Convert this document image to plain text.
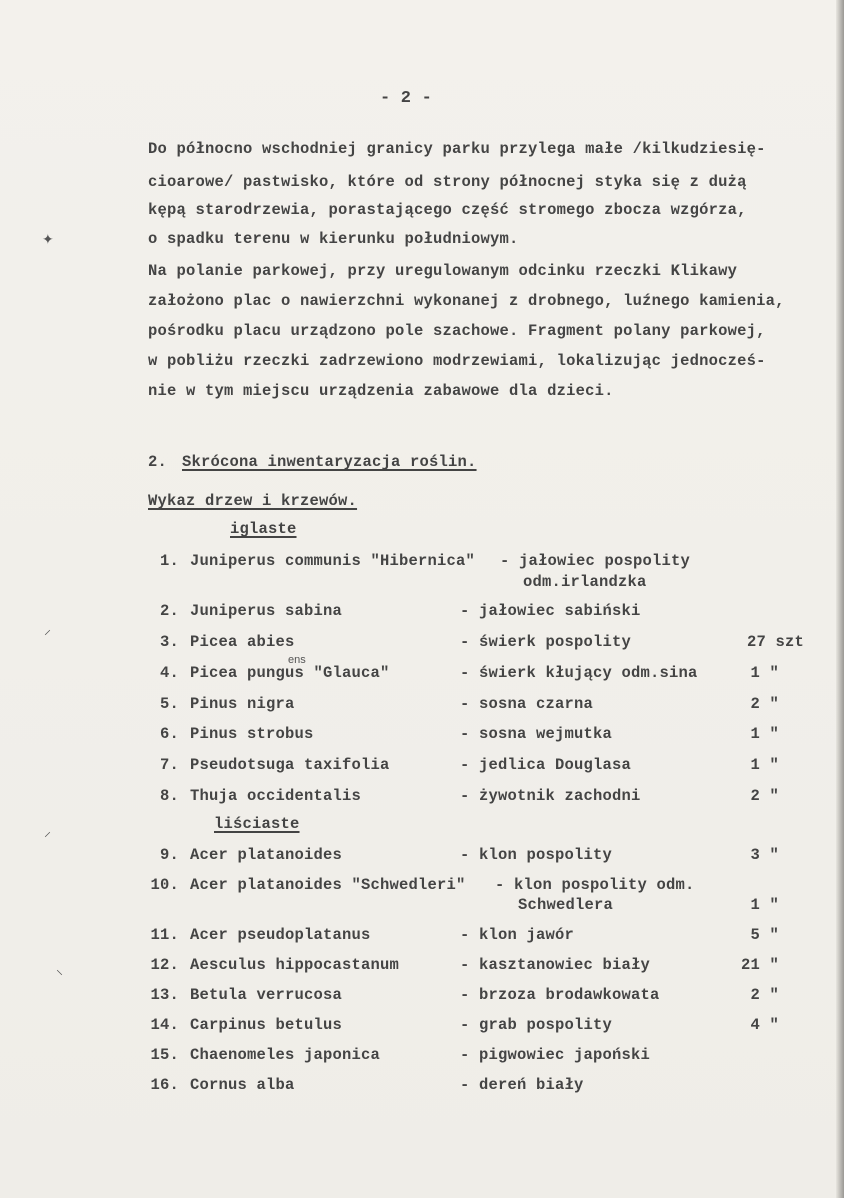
- 2 -
Do północno wschodniej granicy parku przylega małe /kilkudziesię-
cioarowe/ pastwisko, które od strony północnej styka się z dużą
kępą starodrzewia, porastającego część stromego zbocza wzgórza,
o spadku terenu w kierunku południowym.
Na polanie parkowej, przy uregulowanym odcinku rzeczki Klikawy
założono plac o nawierzchni wykonanej z drobnego, luźnego kamienia,
pośrodku placu urządzono pole szachowe. Fragment polany parkowej,
w pobliżu rzeczki zadrzewiono modrzewiami, lokalizując jednocześ-
nie w tym miejscu urządzenia zabawowe dla dzieci.
✦
⸝
⸝
⸜
2. Skrócona inwentaryzacja roślin.
Wykaz drzew i krzewów.
iglaste
1. Juniperus communis "Hibernica" - jałowiec pospolity
odm.irlandzka
2. Juniperus sabina	- jałowiec sabiński
3. Picea abies	- świerk pospolity	27 szt
ens
4. Picea pungus "Glauca"	- świerk kłujący odm.sina	1 "
5. Pinus nigra	- sosna czarna	2 "
6. Pinus strobus	- sosna wejmutka	1 "
7. Pseudotsuga taxifolia	- jedlica Douglasa	1 "
8. Thuja occidentalis	- żywotnik zachodni	2 "
liściaste
9. Acer platanoides	- klon pospolity	3 "
10. Acer platanoides "Schwedleri" - klon pospolity odm.
Schwedlera	1 "
11. Acer pseudoplatanus	- klon jawór	5 "
12. Aesculus hippocastanum	- kasztanowiec biały	21 "
13. Betula verrucosa	- brzoza brodawkowata	2 "
14. Carpinus betulus	- grab pospolity	4 "
15. Chaenomeles japonica	- pigwowiec japoński
16. Cornus alba	- dereń biały
